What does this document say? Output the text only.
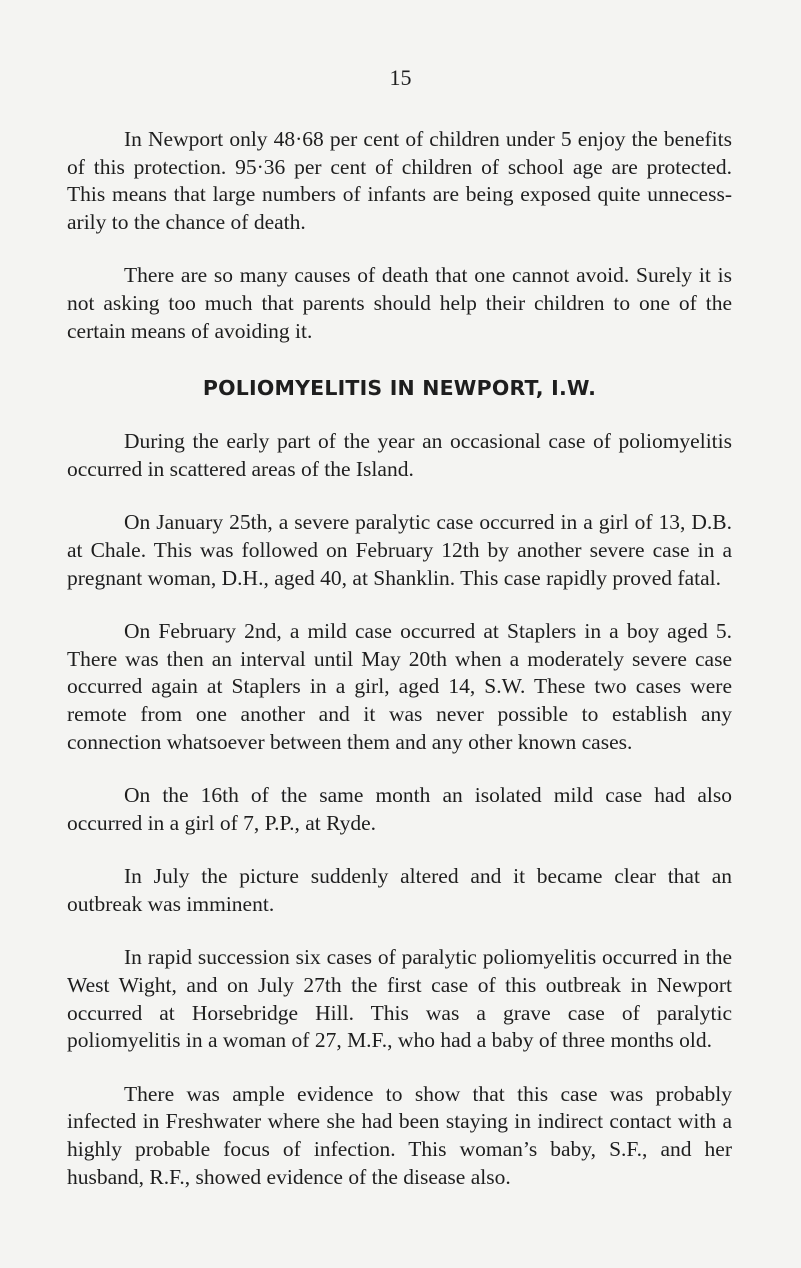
15

In Newport only 48·68 per cent of children under 5 enjoy the benefits of this protection. 95·36 per cent of children of school age are protected. This means that large numbers of infants are being exposed quite unnecess-arily to the chance of death.

There are so many causes of death that one cannot avoid. Surely it is not asking too much that parents should help their children to one of the certain means of avoiding it.

POLIOMYELITIS IN NEWPORT, I.W.

During the early part of the year an occasional case of poliomyelitis occurred in scattered areas of the Island.

On January 25th, a severe paralytic case occurred in a girl of 13, D.B. at Chale. This was followed on February 12th by another severe case in a pregnant woman, D.H., aged 40, at Shanklin. This case rapidly proved fatal.

On February 2nd, a mild case occurred at Staplers in a boy aged 5. There was then an interval until May 20th when a moderately severe case occurred again at Staplers in a girl, aged 14, S.W. These two cases were remote from one another and it was never possible to establish any connection whatsoever between them and any other known cases.

On the 16th of the same month an isolated mild case had also occurred in a girl of 7, P.P., at Ryde.

In July the picture suddenly altered and it became clear that an outbreak was imminent.

In rapid succession six cases of paralytic poliomyelitis occurred in the West Wight, and on July 27th the first case of this outbreak in Newport occurred at Horsebridge Hill. This was a grave case of paralytic poliomyelitis in a woman of 27, M.F., who had a baby of three months old.

There was ample evidence to show that this case was probably infected in Freshwater where she had been staying in indirect contact with a highly probable focus of infection. This woman’s baby, S.F., and her husband, R.F., showed evidence of the disease also.
